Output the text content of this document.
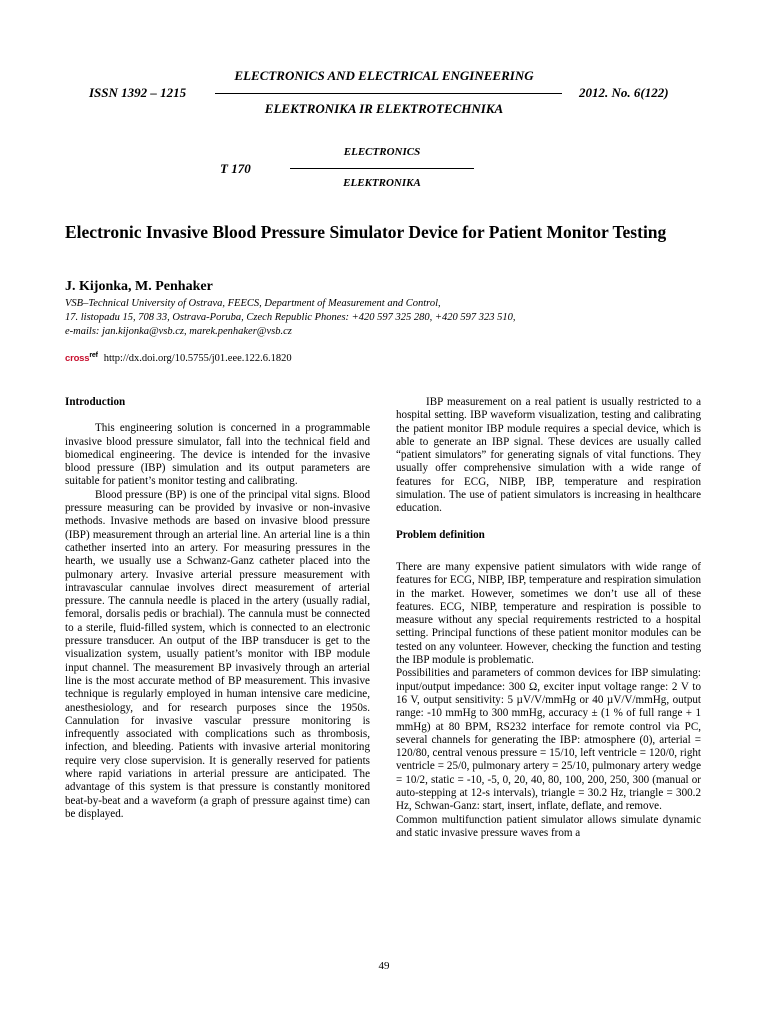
ELECTRONICS AND ELECTRICAL ENGINEERING
ISSN 1392 – 1215	2012. No. 6(122)
ELEKTRONIKA IR ELEKTROTECHNIKA
ELECTRONICS
T 170
ELEKTRONIKA
Electronic Invasive Blood Pressure Simulator Device for Patient Monitor Testing
J. Kijonka, M. Penhaker
VSB–Technical University of Ostrava, FEECS, Department of Measurement and Control,
17. listopadu 15, 708 33, Ostrava-Poruba, Czech Republic Phones: +420 597 325 280, +420 597 323 510,
e-mails: jan.kijonka@vsb.cz, marek.penhaker@vsb.cz
cross$^{ref}$ http://dx.doi.org/10.5755/j01.eee.122.6.1820
Introduction

This engineering solution is concerned in a programmable invasive blood pressure simulator, fall into the technical field and biomedical engineering. The device is intended for the invasive blood pressure (IBP) simulation and its output parameters are suitable for patient’s monitor testing and calibrating.

Blood pressure (BP) is one of the principal vital signs. Blood pressure measuring can be provided by invasive or non-invasive methods. Invasive methods are based on invasive blood pressure (IBP) measurement through an arterial line. An arterial line is a thin cathether inserted into an artery. For measuring pressures in the hearth, we usually use a Schwanz-Ganz catheter placed into the pulmonary artery. Invasive arterial pressure measurement with intravascular cannulae involves direct measurement of arterial pressure. The cannula needle is placed in the artery (usually radial, femoral, dorsalis pedis or brachial). The cannula must be connected to a sterile, fluid-filled system, which is connected to an electronic pressure transducer. An output of the IBP transducer is get to the visualization system, usually patient’s monitor with IBP module input channel. The measurement BP invasively through an arterial line is the most accurate method of BP measurement. This invasive technique is regularly employed in human intensive care medicine, anesthesiology, and for research purposes since the 1950s. Cannulation for invasive vascular pressure monitoring is infrequently associated with complications such as thrombosis, infection, and bleeding. Patients with invasive arterial monitoring require very close supervision. It is generally reserved for patients where rapid variations in arterial pressure are anticipated. The advantage of this system is that pressure is constantly monitored beat-by-beat and a waveform (a graph of pressure against time) can be displayed.

IBP measurement on a real patient is usually restricted to a hospital setting. IBP waveform visualization, testing and calibrating the patient monitor IBP module requires a special device, which is able to generate an IBP signal. These devices are usually called “patient simulators” for generating signals of vital functions. They usually offer comprehensive simulation with a wide range of features for ECG, NIBP, IBP, temperature and respiration simulation. The use of patient simulators is increasing in healthcare education.

Problem definition

There are many expensive patient simulators with wide range of features for ECG, NIBP, IBP, temperature and respiration simulation in the market. However, sometimes we don’t use all of these features. ECG, NIBP, temperature and respiration is possible to measure without any special requirements restricted to a hospital setting. Principal functions of these patient monitor modules can be tested on any volunteer. However, checking the function and testing the IBP module is problematic.

Possibilities and parameters of common devices for IBP simulating: input/output impedance: 300 Ω, exciter input voltage range: 2 V to 16 V, output sensitivity: 5 µV/V/mmHg or 40 µV/V/mmHg, output range: -10 mmHg to 300 mmHg, accuracy ± (1 % of full range + 1 mmHg) at 80 BPM, RS232 interface for remote control via PC, several channels for generating the IBP: atmosphere (0), arterial = 120/80, central venous pressure = 15/10, left ventricle = 120/0, right ventricle = 25/0, pulmonary artery = 25/10, pulmonary artery wedge = 10/2, static = -10, -5, 0, 20, 40, 80, 100, 200, 250, 300 (manual or auto-stepping at 12-s intervals), triangle = 30.2 Hz, triangle = 300.2 Hz, Schwan-Ganz: start, insert, inflate, deflate, and remove.

Common multifunction patient simulator allows simulate dynamic and static invasive pressure waves from a

49
